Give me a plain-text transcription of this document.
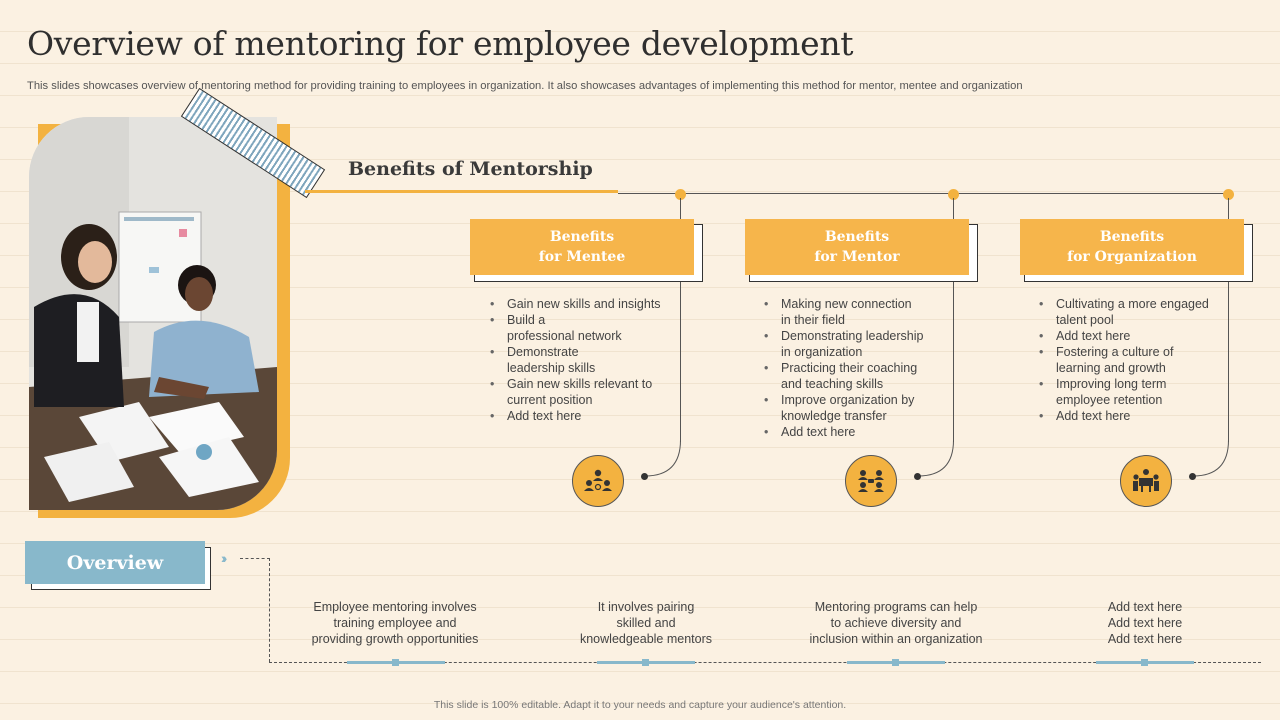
Overview of mentoring for employee development
This slides showcases overview of mentoring method for providing training to employees in organization. It also showcases advantages of implementing this method for mentor, mentee and organization
Benefits of Mentorship
Benefits
for Mentee
• Gain new skills and insights
• Build a
professional network
• Demonstrate
leadership skills
• Gain new skills relevant to
current position
• Add text here
Benefits
for Mentor
• Making new connection
in their field
• Demonstrating leadership
in organization
• Practicing their coaching
and teaching skills
• Improve organization by
knowledge transfer
• Add text here
Benefits
for Organization
• Cultivating a more engaged
talent pool
• Add text here
• Fostering a culture of
learning and growth
• Improving long term
employee retention
• Add text here
Overview	››
Employee mentoring involves
training employee and
providing growth opportunities
It involves pairing
skilled and
knowledgeable mentors
Mentoring programs can help
to achieve diversity and
inclusion within an organization
Add text here
Add text here
Add text here
This slide is 100% editable. Adapt it to your needs and capture your audience's attention.
